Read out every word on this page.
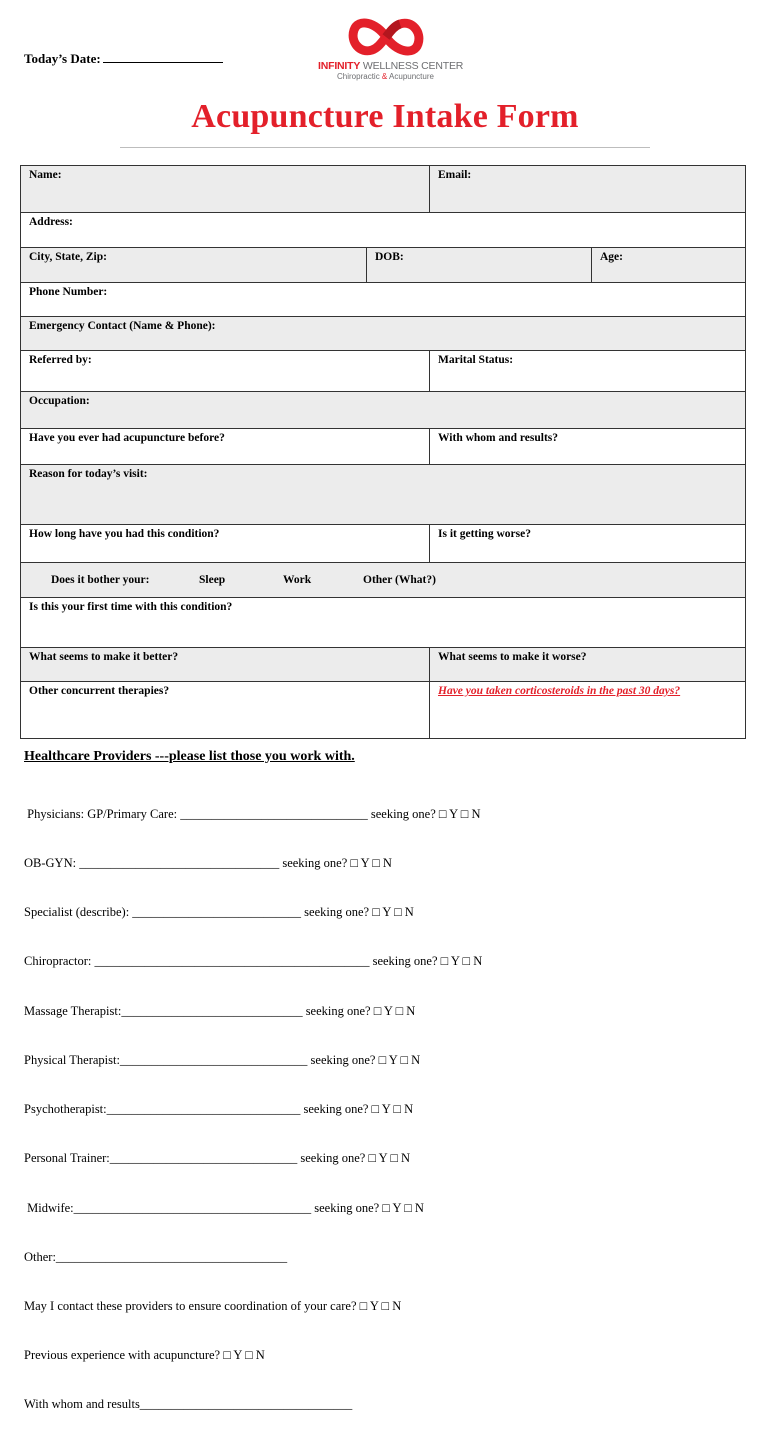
Today’s Date:	INFINITY WELLNESS CENTER
Chiropractic & Acupuncture
Acupuncture Intake Form
Name:	Email:
Address:
City, State, Zip:	DOB:	Age:
Phone Number:
Emergency Contact (Name & Phone):
Referred by:	Marital Status:
Occupation:
Have you ever had acupuncture before?	With whom and results?
Reason for today’s visit:
How long have you had this condition?	Is it getting worse?
Does it bother your:	Sleep	Work	Other (What?)
Is this your first time with this condition?
What seems to make it better?	What seems to make it worse?
Other concurrent therapies?	Have you taken corticosteroids in the past 30 days?
Healthcare Providers ---please list those you work with.

Physicians: GP/Primary Care: ______________________________ seeking one? □ Y □ N

OB-GYN: ________________________________ seeking one? □ Y □ N

Specialist (describe): ___________________________ seeking one? □ Y □ N

Chiropractor: ____________________________________________ seeking one? □ Y □ N

Massage Therapist:_____________________________ seeking one? □ Y □ N

Physical Therapist:______________________________ seeking one? □ Y □ N

Psychotherapist:_______________________________ seeking one? □ Y □ N

Personal Trainer:______________________________ seeking one? □ Y □ N

Midwife:______________________________________ seeking one? □ Y □ N

Other:_____________________________________

May I contact these providers to ensure coordination of your care? □ Y □ N

Previous experience with acupuncture? □ Y □ N

With whom and results__________________________________
